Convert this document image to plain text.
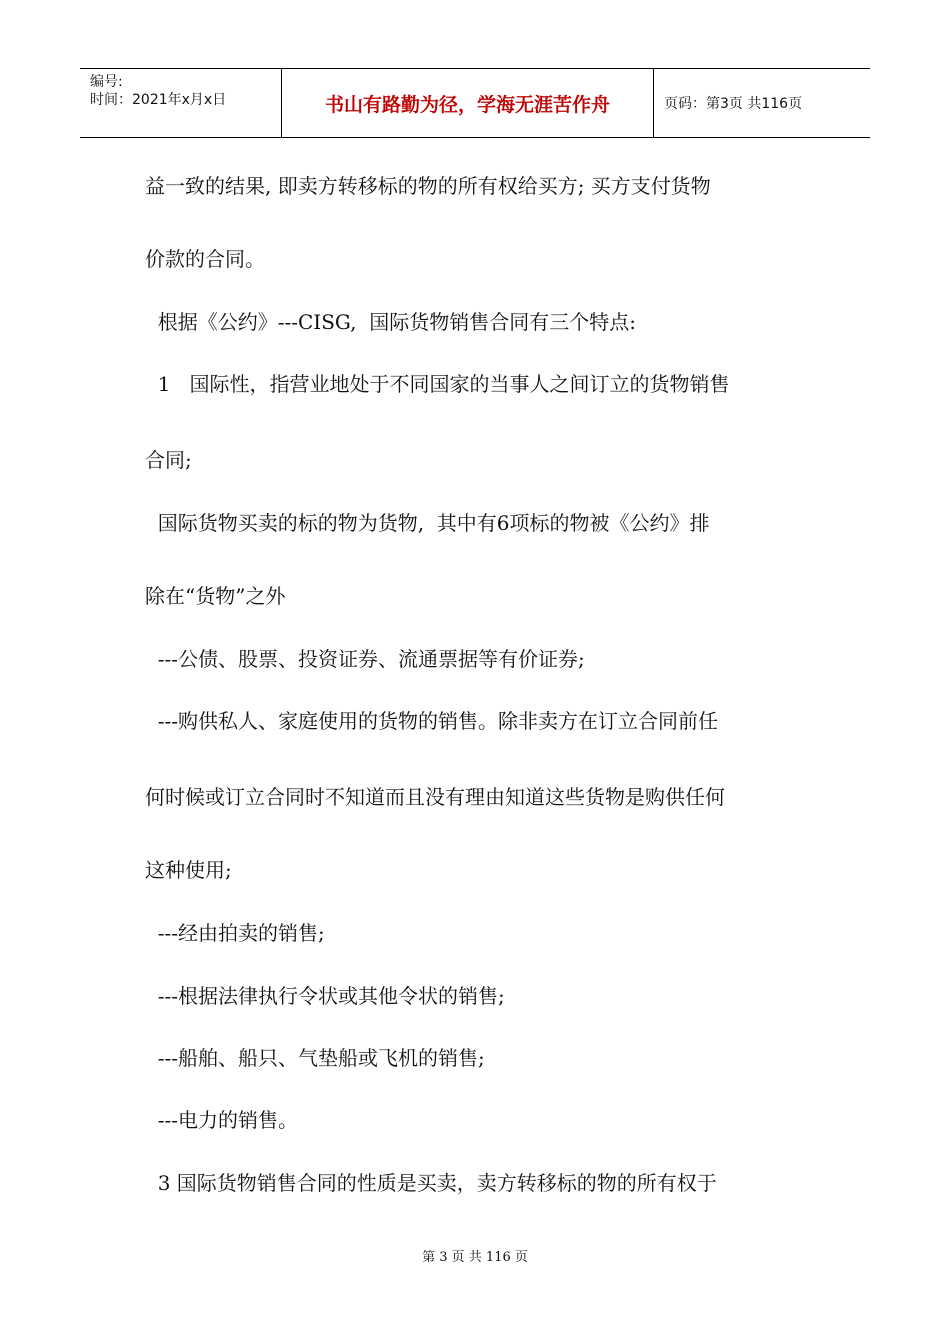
编号:
时间：2021年x月x日	书山有路勤为径，学海无涯苦作舟	页码：第3页 共116页
益一致的结果, 即卖方转移标的物的所有权给买方; 买方支付货物
价款的合同。
根据《公约》---CISG,  国际货物销售合同有三个特点:
1   国际性，指营业地处于不同国家的当事人之间订立的货物销售
合同;
国际货物买卖的标的物为货物,  其中有6项标的物被《公约》排
除在“货物”之外
---公债、股票、投资证券、流通票据等有价证券;
---购供私人、家庭使用的货物的销售。除非卖方在订立合同前任
何时候或订立合同时不知道而且没有理由知道这些货物是购供任何
这种使用;
---经由拍卖的销售;
---根据法律执行令状或其他令状的销售;
---船舶、船只、气垫船或飞机的销售;
---电力的销售。
3 国际货物销售合同的性质是买卖，卖方转移标的物的所有权于
第 3 页 共 116 页
